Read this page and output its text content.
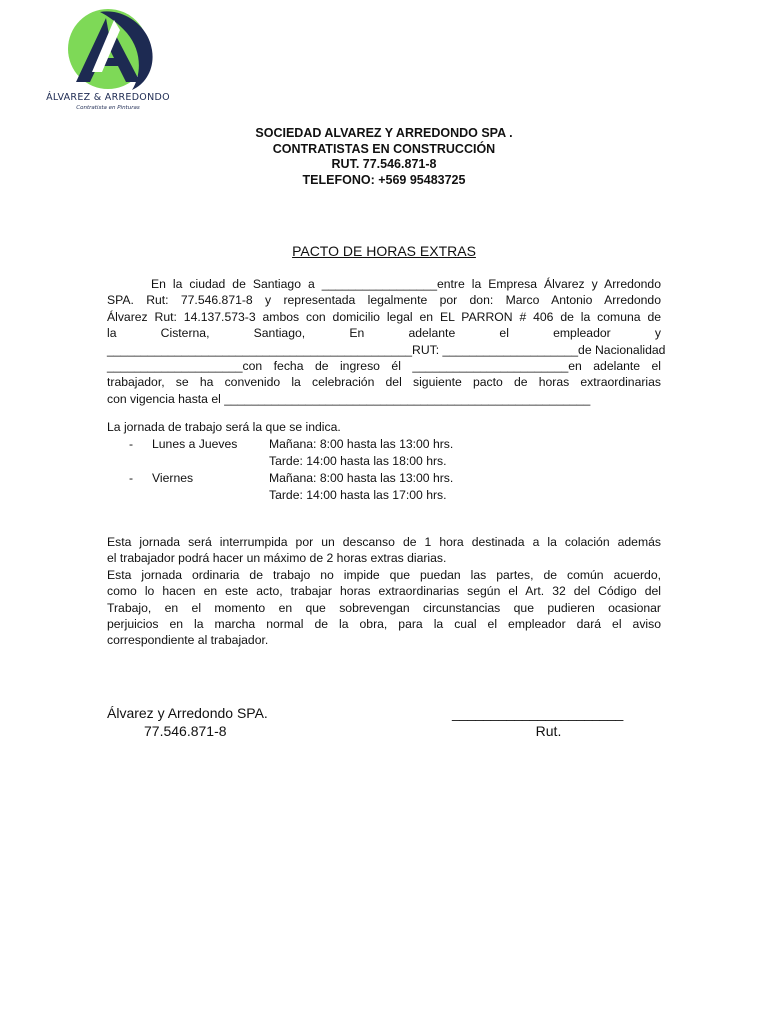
ÁLVAREZ & ARREDONDO
Contratista en Pinturas
SOCIEDAD ALVAREZ Y ARREDONDO SPA .
CONTRATISTAS EN CONSTRUCCIÓN
RUT. 77.546.871-8
TELEFONO: +569 95483725
PACTO DE HORAS EXTRAS
En la ciudad de Santiago a _________________entre la Empresa Álvarez y Arredondo
SPA. Rut: 77.546.871-8 y representada legalmente por don: Marco Antonio Arredondo
Álvarez Rut: 14.137.573-3 ambos con domicilio legal en EL PARRON # 406 de la comuna de
la Cisterna, Santiago, En adelante el empleador y
_____________________________________________RUT: ____________________de Nacionalidad
____________________con fecha de ingreso él _______________________en adelante el
trabajador, se ha convenido la celebración del siguiente pacto de horas extraordinarias
con vigencia hasta el ______________________________________________________
La jornada de trabajo será la que se indica.
- Lunes a Jueves	Mañana: 8:00 hasta las 13:00 hrs.
Tarde: 14:00 hasta las 18:00 hrs.
- Viernes	Mañana: 8:00 hasta las 13:00 hrs.
Tarde: 14:00 hasta las 17:00 hrs.
Esta jornada será interrumpida por un descanso de 1 hora destinada a la colación además
el trabajador podrá hacer un máximo de 2 horas extras diarias.
Esta jornada ordinaria de trabajo no impide que puedan las partes, de común acuerdo,
como lo hacen en este acto, trabajar horas extraordinarias según el Art. 32 del Código del
Trabajo, en el momento en que sobrevengan circunstancias que pudieren ocasionar
perjuicios en la marcha normal de la obra, para la cual el empleador dará el aviso
correspondiente al trabajador.
Álvarez y Arredondo SPA.
77.546.871-8
______________________
Rut.
